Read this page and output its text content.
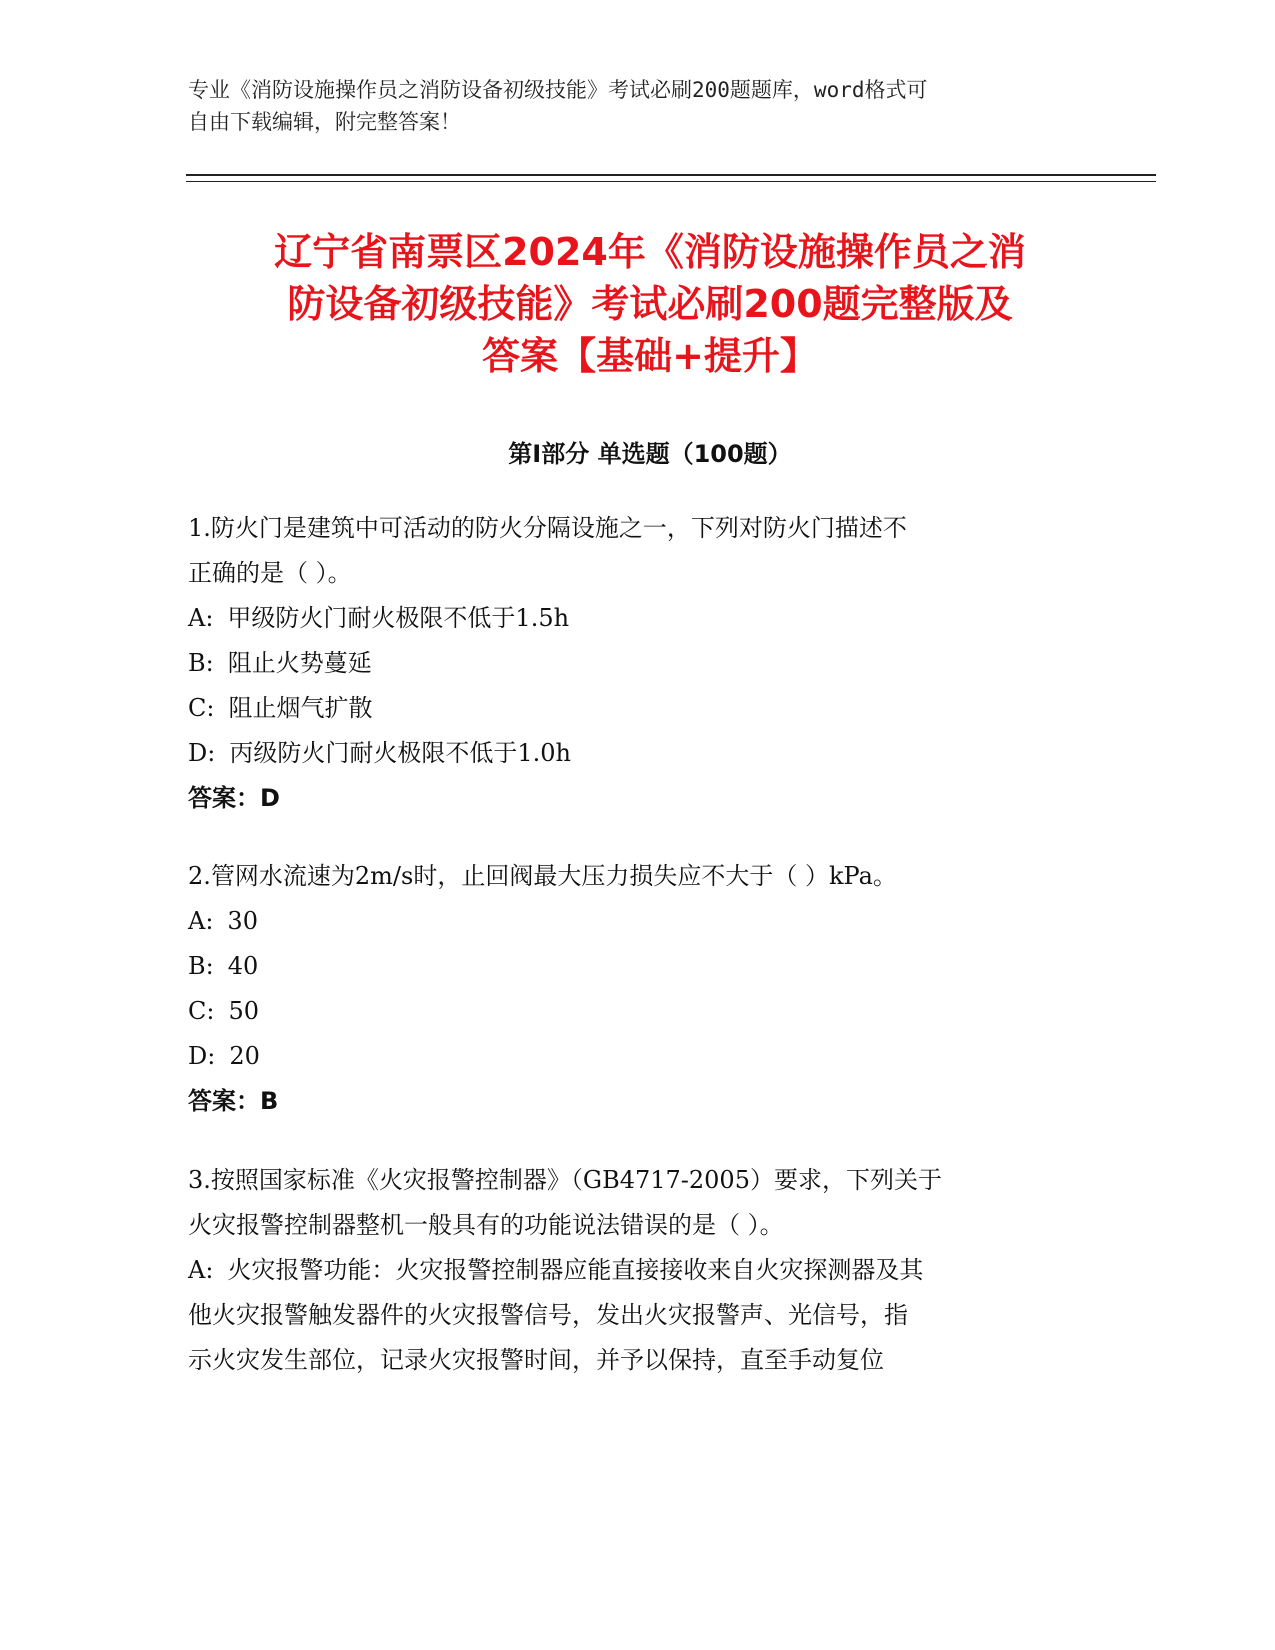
专业《消防设施操作员之消防设备初级技能》考试必刷200题题库，word格式可
自由下载编辑，附完整答案！
辽宁省南票区2024年《消防设施操作员之消
防设备初级技能》考试必刷200题完整版及
答案【基础+提升】
第I部分 单选题（100题）

1.防火门是建筑中可活动的防火分隔设施之一，下列对防火门描述不

正确的是（ ）。

A: 甲级防火门耐火极限不低于1.5h

B: 阻止火势蔓延

C: 阻止烟气扩散

D: 丙级防火门耐火极限不低于1.0h

答案：D

2.管网水流速为2m/s时，止回阀最大压力损失应不大于（ ）kPa。

A: 30

B: 40

C: 50

D: 20

答案：B

3.按照国家标准《火灾报警控制器》（GB4717-2005）要求，下列关于

火灾报警控制器整机一般具有的功能说法错误的是（ ）。

A: 火灾报警功能：火灾报警控制器应能直接接收来自火灾探测器及其

他火灾报警触发器件的火灾报警信号，发出火灾报警声、光信号，指

示火灾发生部位，记录火灾报警时间，并予以保持，直至手动复位
